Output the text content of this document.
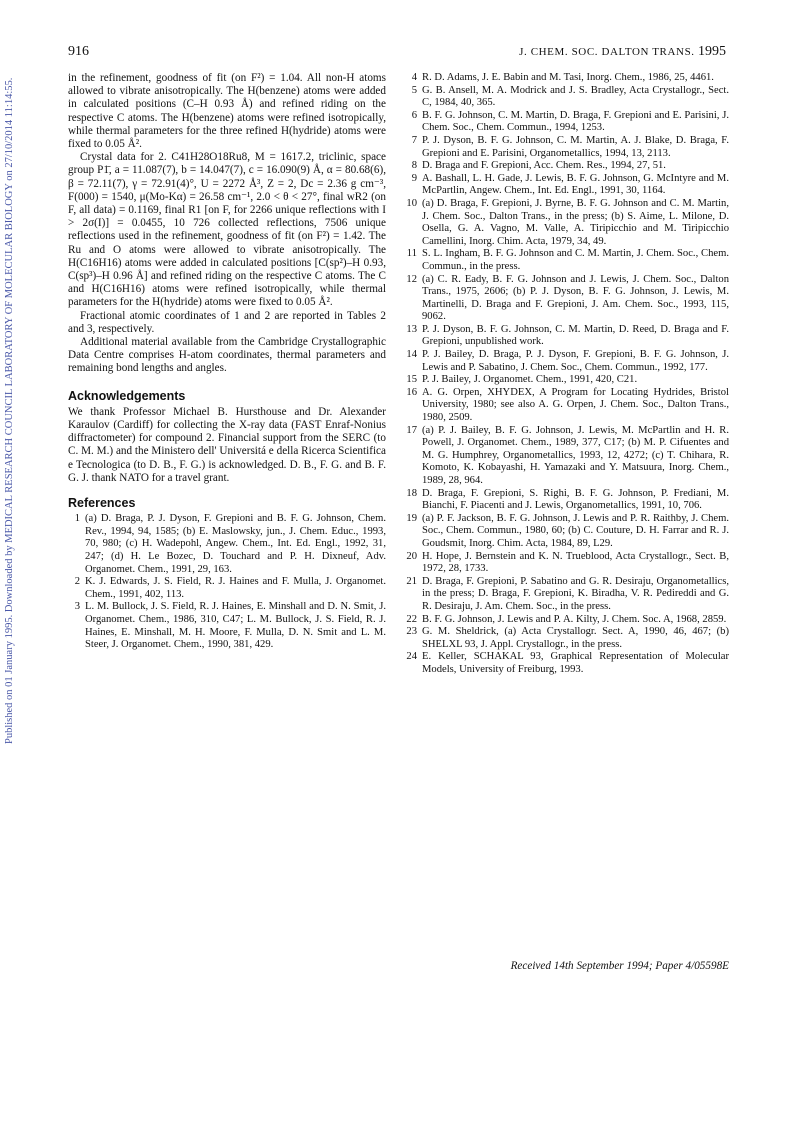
Published on 01 January 1995. Downloaded by MEDICAL RESEARCH COUNCIL LABORATORY OF MOLECULAR BIOLOGY on 27/10/2014 11:14:55.
916	J. CHEM. SOC. DALTON TRANS. 1995

in the refinement, goodness of fit (on F²) = 1.04. All non-H atoms allowed to vibrate anisotropically. The H(benzene) atoms were added in calculated positions (C–H 0.93 Å) and refined riding on the respective C atoms. The H(benzene) atoms were refined isotropically, while thermal parameters for the three refined H(hydride) atoms were fixed to 0.05 Å².

Crystal data for 2. C41H28O18Ru8, M = 1617.2, triclinic, space group P1̄, a = 11.087(7), b = 14.047(7), c = 16.090(9) Å, α = 80.68(6), β = 72.11(7), γ = 72.91(4)°, U = 2272 Å³, Z = 2, Dc = 2.36 g cm⁻³, F(000) = 1540, μ(Mo-Kα) = 26.58 cm⁻¹, 2.0 < θ < 27°, final wR2 (on F, all data) = 0.1169, final R1 [on F, for 2266 unique reflections with I > 2σ(I)] = 0.0455, 10 726 collected reflections, 7506 unique reflections used in the refinement, goodness of fit (on F²) = 1.42. The Ru and O atoms were allowed to vibrate anisotropically. The H(C16H16) atoms were added in calculated positions [C(sp²)–H 0.93, C(sp³)–H 0.96 Å] and refined riding on the respective C atoms. The C and H(C16H16) atoms were refined isotropically, while thermal parameters for the H(hydride) atoms were fixed to 0.05 Å².

Fractional atomic coordinates of 1 and 2 are reported in Tables 2 and 3, respectively.

Additional material available from the Cambridge Crystallographic Data Centre comprises H-atom coordinates, thermal parameters and remaining bond lengths and angles.

Acknowledgements

We thank Professor Michael B. Hursthouse and Dr. Alexander Karaulov (Cardiff) for collecting the X-ray data (FAST Enraf-Nonius diffractometer) for compound 2. Financial support from the SERC (to C. M. M.) and the Ministero dell' Universitá e della Ricerca Scientifica e Tecnologica (to D. B., F. G.) is acknowledged. D. B., F. G. and B. F. G. J. thank NATO for a travel grant.

References

1 (a) D. Braga, P. J. Dyson, F. Grepioni and B. F. G. Johnson, Chem. Rev., 1994, 94, 1585; (b) E. Maslowsky, jun., J. Chem. Educ., 1993, 70, 980; (c) H. Wadepohl, Angew. Chem., Int. Ed. Engl., 1992, 31, 247; (d) H. Le Bozec, D. Touchard and P. H. Dixneuf, Adv. Organomet. Chem., 1991, 29, 163.

2 K. J. Edwards, J. S. Field, R. J. Haines and F. Mulla, J. Organomet. Chem., 1991, 402, 113.

3 L. M. Bullock, J. S. Field, R. J. Haines, E. Minshall and D. N. Smit, J. Organomet. Chem., 1986, 310, C47; L. M. Bullock, J. S. Field, R. J. Haines, E. Minshall, M. H. Moore, F. Mulla, D. N. Smit and L. M. Steer, J. Organomet. Chem., 1990, 381, 429.

4 R. D. Adams, J. E. Babin and M. Tasi, Inorg. Chem., 1986, 25, 4461.

5 G. B. Ansell, M. A. Modrick and J. S. Bradley, Acta Crystallogr., Sect. C, 1984, 40, 365.

6 B. F. G. Johnson, C. M. Martin, D. Braga, F. Grepioni and E. Parisini, J. Chem. Soc., Chem. Commun., 1994, 1253.

7 P. J. Dyson, B. F. G. Johnson, C. M. Martin, A. J. Blake, D. Braga, F. Grepioni and E. Parisini, Organometallics, 1994, 13, 2113.

8 D. Braga and F. Grepioni, Acc. Chem. Res., 1994, 27, 51.

9 A. Bashall, L. H. Gade, J. Lewis, B. F. G. Johnson, G. McIntyre and M. McPartlin, Angew. Chem., Int. Ed. Engl., 1991, 30, 1164.

10 (a) D. Braga, F. Grepioni, J. Byrne, B. F. G. Johnson and C. M. Martin, J. Chem. Soc., Dalton Trans., in the press; (b) S. Aime, L. Milone, D. Osella, G. A. Vagno, M. Valle, A. Tiripicchio and M. Tiripicchio Camellini, Inorg. Chim. Acta, 1979, 34, 49.

11 S. L. Ingham, B. F. G. Johnson and C. M. Martin, J. Chem. Soc., Chem. Commun., in the press.

12 (a) C. R. Eady, B. F. G. Johnson and J. Lewis, J. Chem. Soc., Dalton Trans., 1975, 2606; (b) P. J. Dyson, B. F. G. Johnson, J. Lewis, M. Martinelli, D. Braga and F. Grepioni, J. Am. Chem. Soc., 1993, 115, 9062.

13 P. J. Dyson, B. F. G. Johnson, C. M. Martin, D. Reed, D. Braga and F. Grepioni, unpublished work.

14 P. J. Bailey, D. Braga, P. J. Dyson, F. Grepioni, B. F. G. Johnson, J. Lewis and P. Sabatino, J. Chem. Soc., Chem. Commun., 1992, 177.

15 P. J. Bailey, J. Organomet. Chem., 1991, 420, C21.

16 A. G. Orpen, XHYDEX, A Program for Locating Hydrides, Bristol University, 1980; see also A. G. Orpen, J. Chem. Soc., Dalton Trans., 1980, 2509.

17 (a) P. J. Bailey, B. F. G. Johnson, J. Lewis, M. McPartlin and H. R. Powell, J. Organomet. Chem., 1989, 377, C17; (b) M. P. Cifuentes and M. G. Humphrey, Organometallics, 1993, 12, 4272; (c) T. Chihara, R. Komoto, K. Kobayashi, H. Yamazaki and Y. Matsuura, Inorg. Chem., 1989, 28, 964.

18 D. Braga, F. Grepioni, S. Righi, B. F. G. Johnson, P. Frediani, M. Bianchi, F. Piacenti and J. Lewis, Organometallics, 1991, 10, 706.

19 (a) P. F. Jackson, B. F. G. Johnson, J. Lewis and P. R. Raithby, J. Chem. Soc., Chem. Commun., 1980, 60; (b) C. Couture, D. H. Farrar and R. J. Goudsmit, Inorg. Chim. Acta, 1984, 89, L29.

20 H. Hope, J. Bernstein and K. N. Trueblood, Acta Crystallogr., Sect. B, 1972, 28, 1733.

21 D. Braga, F. Grepioni, P. Sabatino and G. R. Desiraju, Organometallics, in the press; D. Braga, F. Grepioni, K. Biradha, V. R. Pedireddi and G. R. Desiraju, J. Am. Chem. Soc., in the press.

22 B. F. G. Johnson, J. Lewis and P. A. Kilty, J. Chem. Soc. A, 1968, 2859.

23 G. M. Sheldrick, (a) Acta Crystallogr. Sect. A, 1990, 46, 467; (b) SHELXL 93, J. Appl. Crystallogr., in the press.

24 E. Keller, SCHAKAL 93, Graphical Representation of Molecular Models, University of Freiburg, 1993.

Received 14th September 1994; Paper 4/05598E
